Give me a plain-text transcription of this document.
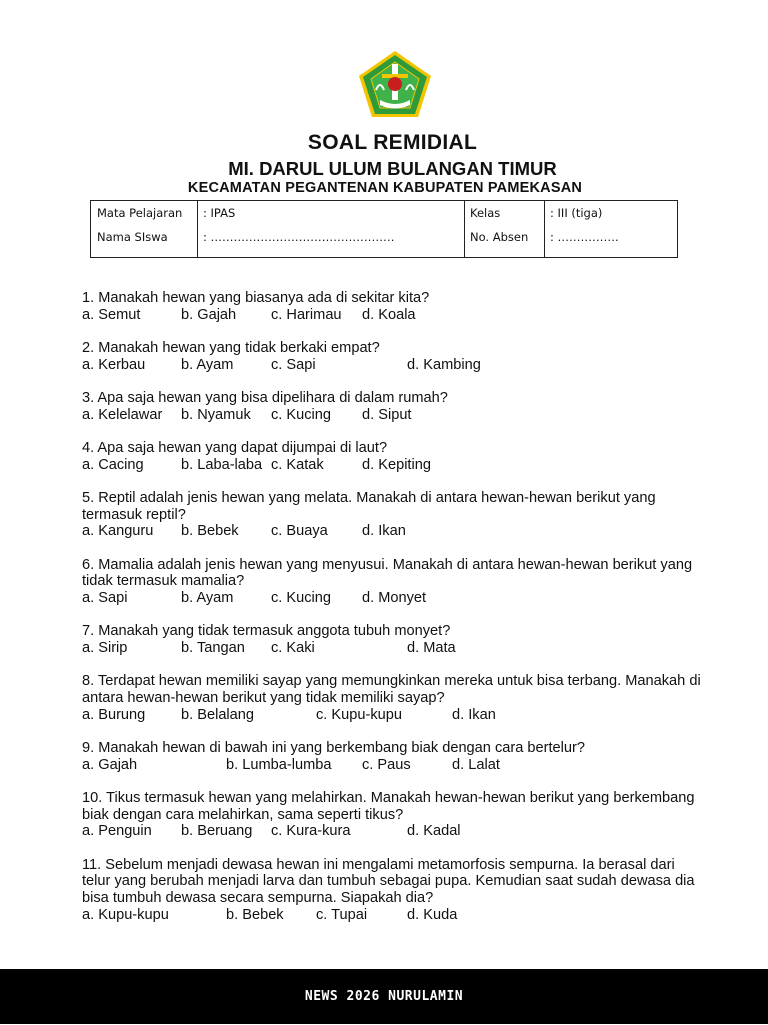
SOAL REMIDIAL
MI. DARUL ULUM BULANGAN TIMUR
KECAMATAN PEGANTENAN KABUPATEN PAMEKASAN
Mata Pelajaran : IPAS	Kelas	: III (tiga)
Nama SIswa	: …………………………………………	No. Absen : …………….
1. Manakah hewan yang biasanya ada di sekitar kita?
a. Semut	b. Gajah c. Harimau d. Koala
2. Manakah hewan yang tidak berkaki empat?
a. Kerbau b. Ayam	c. Sapi	d. Kambing
3. Apa saja hewan yang bisa dipelihara di dalam rumah?
a. Kelelawar b. Nyamuk c. Kucing d. Siput
4. Apa saja hewan yang dapat dijumpai di laut?
a. Cacing	b. Laba-laba c. Katak	d. Kepiting
5. Reptil adalah jenis hewan yang melata. Manakah di antara hewan-hewan berikut yang termasuk reptil?
a. Kanguru b. Bebek c. Buaya d. Ikan
6. Mamalia adalah jenis hewan yang menyusui. Manakah di antara hewan-hewan berikut yang tidak termasuk mamalia?
a. Sapi	b. Ayam	c. Kucing d. Monyet
7. Manakah yang tidak termasuk anggota tubuh monyet?
a. Sirip	b. Tangan c. Kaki	d. Mata
8. Terdapat hewan memiliki sayap yang memungkinkan mereka untuk bisa terbang. Manakah di antara hewan-hewan berikut yang tidak memiliki sayap?
a. Burung b. Belalang	c. Kupu-kupu	d. Ikan
9. Manakah hewan di bawah ini yang berkembang biak dengan cara bertelur?
a. Gajah	b. Lumba-lumba c. Paus	d. Lalat
10. Tikus termasuk hewan yang melahirkan. Manakah hewan-hewan berikut yang berkembang biak dengan cara melahirkan, sama seperti tikus?
a. Penguin b. Beruang c. Kura-kura	d. Kadal
11. Sebelum menjadi dewasa hewan ini mengalami metamorfosis sempurna. Ia berasal dari telur yang berubah menjadi larva dan tumbuh sebagai pupa. Kemudian saat sudah dewasa dia bisa tumbuh dewasa secara sempurna. Siapakah dia?
a. Kupu-kupu	b. Bebek c. Tupai	d. Kuda
NEWS 2026 NURULAMIN
